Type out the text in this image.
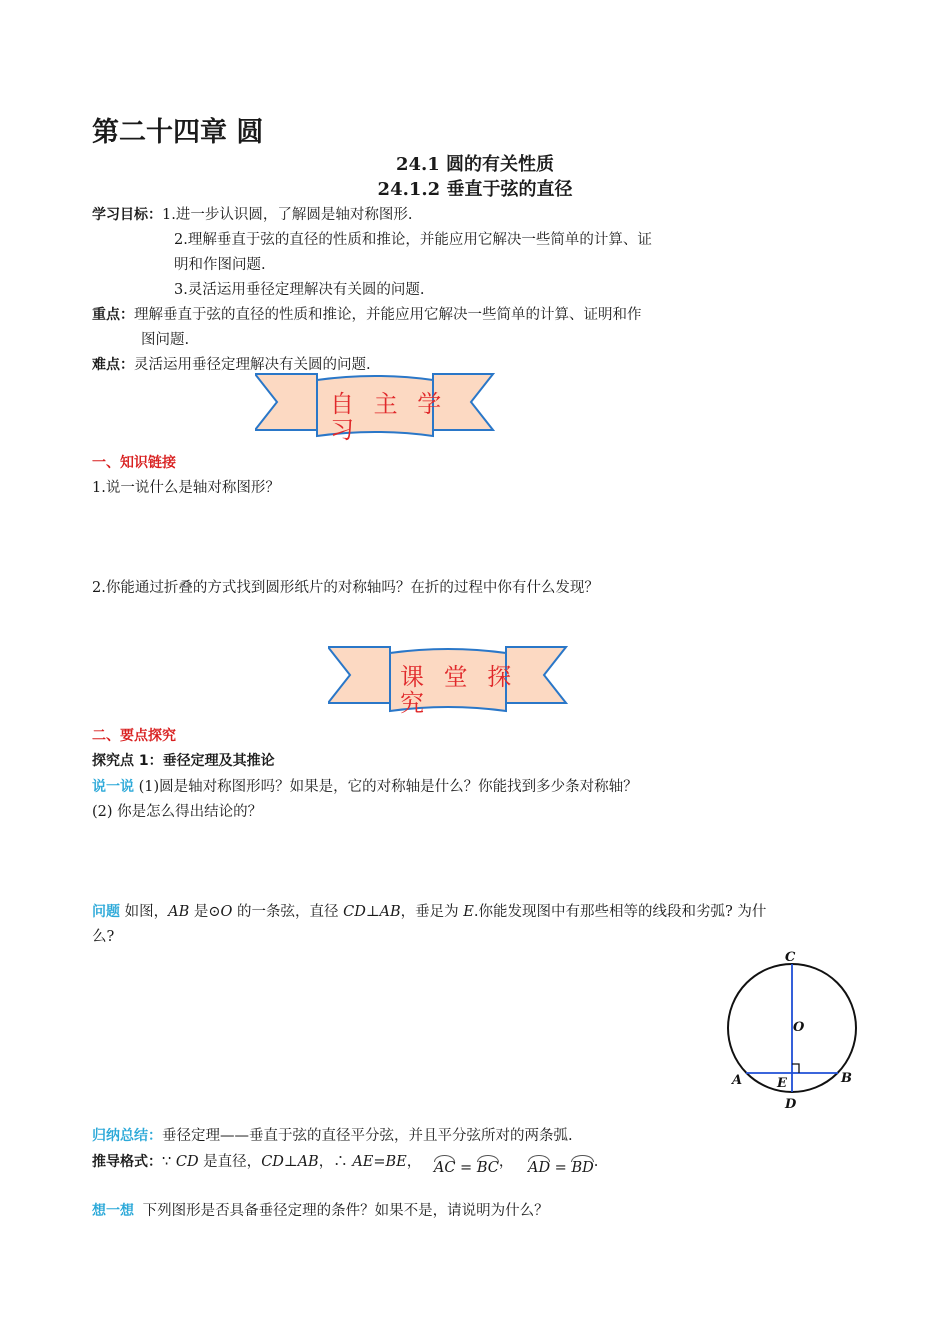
第二十四章 圆
24.1 圆的有关性质
24.1.2 垂直于弦的直径
学习目标：1.进一步认识圆，了解圆是轴对称图形.
2.理解垂直于弦的直径的性质和推论，并能应用它解决一些简单的计算、证
明和作图问题.
3.灵活运用垂径定理解决有关圆的问题.
重点：理解垂直于弦的直径的性质和推论，并能应用它解决一些简单的计算、证明和作
图问题.
难点：灵活运用垂径定理解决有关圆的问题.
自 主 学
习
一、知识链接
1.说一说什么是轴对称图形？
2.你能通过折叠的方式找到圆形纸片的对称轴吗？在折的过程中你有什么发现？
课 堂 探
究
二、要点探究
探究点 1：垂径定理及其推论
说一说 (1)圆是轴对称图形吗？如果是，它的对称轴是什么？你能找到多少条对称轴？
(2) 你是怎么得出结论的？
问题 如图，AB 是⊙O 的一条弦，直径 CD⊥AB，垂足为 E.你能发现图中有那些相等的线段和劣弧? 为什
么?
C
O
A	E	B
D
归纳总结：垂径定理——垂直于弦的直径平分弦，并且平分弦所对的两条弧.
推导格式：∵ CD 是直径，CD⊥AB，∴ AE=BE， AC = BC， AD = BD.
想一想 下列图形是否具备垂径定理的条件？如果不是，请说明为什么？
